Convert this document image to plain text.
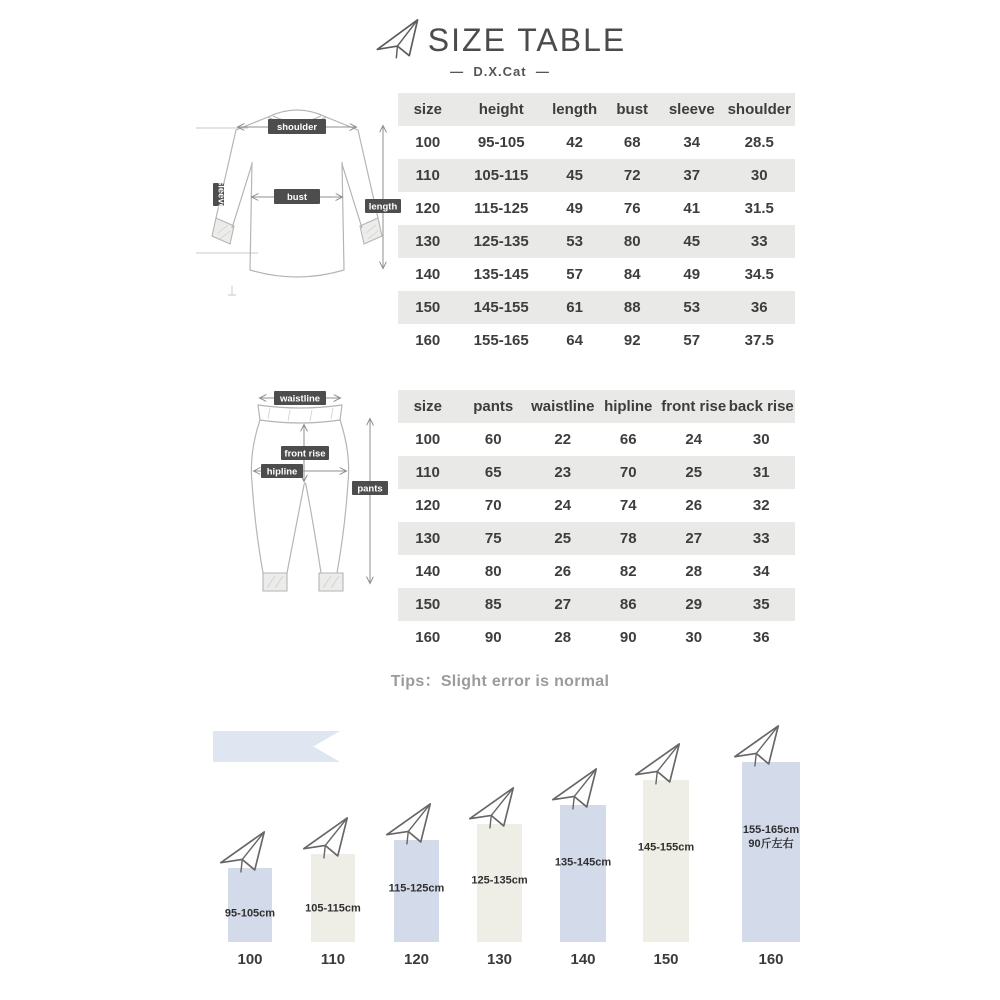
SIZE TABLE
—  D.X.Cat  —
shoulder
bust
sleeve	length
size	height	length	bust	sleeve	shoulder
100	95-105	42	68	34	28.5
110	105-115	45	72	37	30
120	115-125	49	76	41	31.5
130	125-135	53	80	45	33
140	135-145	57	84	49	34.5
150	145-155	61	88	53	36
160	155-165	64	92	57	37.5
waistline
front rise
hipline
pants
size	pants	waistline	hipline	front rise	back rise
100	60	22	66	24	30
110	65	23	70	25	31
120	70	24	74	26	32
130	75	25	78	27	33
140	80	26	82	28	34
150	85	27	86	29	35
160	90	28	90	30	36
Tips：Slight error is normal
95-105cm
100
105-115cm
110
115-125cm
120
125-135cm
130
135-145cm
140
145-155cm
150
155-165cm
90斤左右
160
